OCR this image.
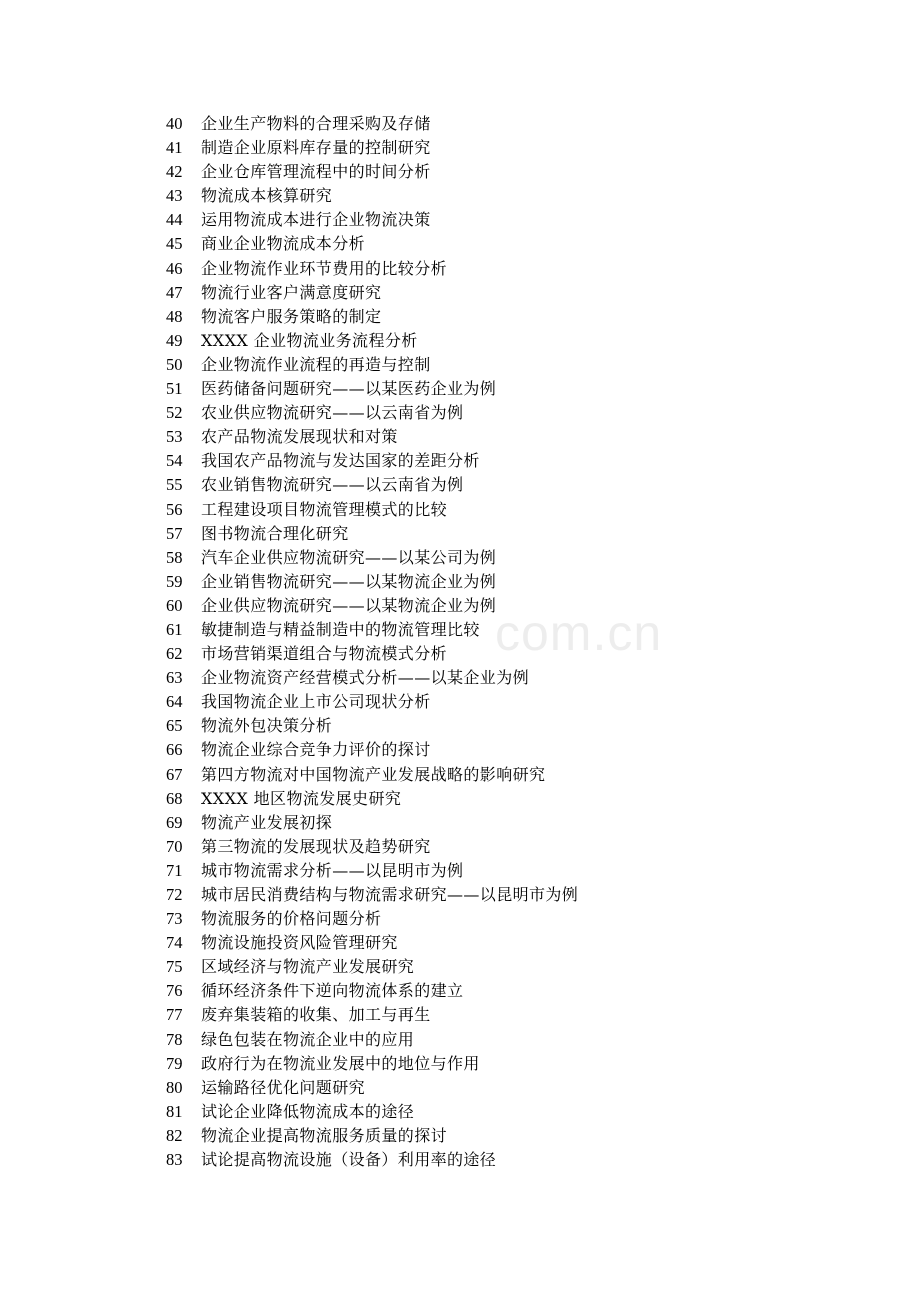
com.cn
40 企业生产物料的合理采购及存储
41 制造企业原料库存量的控制研究
42 企业仓库管理流程中的时间分析
43 物流成本核算研究
44 运用物流成本进行企业物流决策
45 商业企业物流成本分析
46 企业物流作业环节费用的比较分析
47 物流行业客户满意度研究
48 物流客户服务策略的制定
49 XXXX 企业物流业务流程分析
50 企业物流作业流程的再造与控制
51 医药储备问题研究——以某医药企业为例
52 农业供应物流研究——以云南省为例
53 农产品物流发展现状和对策
54 我国农产品物流与发达国家的差距分析
55 农业销售物流研究——以云南省为例
56 工程建设项目物流管理模式的比较
57 图书物流合理化研究
58 汽车企业供应物流研究——以某公司为例
59 企业销售物流研究——以某物流企业为例
60 企业供应物流研究——以某物流企业为例
61 敏捷制造与精益制造中的物流管理比较
62 市场营销渠道组合与物流模式分析
63 企业物流资产经营模式分析——以某企业为例
64 我国物流企业上市公司现状分析
65 物流外包决策分析
66 物流企业综合竞争力评价的探讨
67 第四方物流对中国物流产业发展战略的影响研究
68 XXXX 地区物流发展史研究
69 物流产业发展初探
70 第三物流的发展现状及趋势研究
71 城市物流需求分析——以昆明市为例
72 城市居民消费结构与物流需求研究——以昆明市为例
73 物流服务的价格问题分析
74 物流设施投资风险管理研究
75 区域经济与物流产业发展研究
76 循环经济条件下逆向物流体系的建立
77 废弃集装箱的收集、加工与再生
78 绿色包装在物流企业中的应用
79 政府行为在物流业发展中的地位与作用
80 运输路径优化问题研究
81 试论企业降低物流成本的途径
82 物流企业提高物流服务质量的探讨
83 试论提高物流设施（设备）利用率的途径
